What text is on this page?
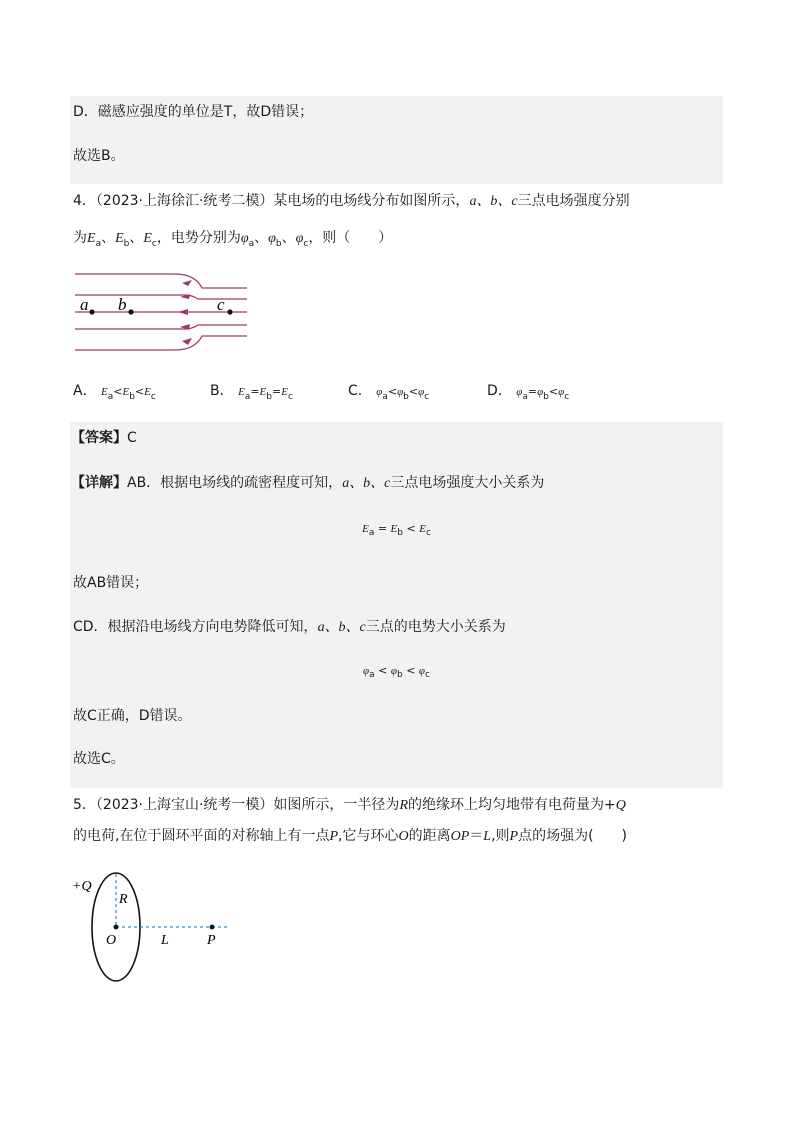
D．磁感应强度的单位是T，故D错误；
故选B。
4．（2023·上海徐汇·统考二模）某电场的电场线分布如图所示，a、b、c三点电场强度分别
为$E_a$、$E_b$、$E_c$，电势分别为$\varphi_a$、$\varphi_b$、$\varphi_c$，则（　　）
a b	c
A． $E_a<E_b<E_c$	B． $E_a=E_b=E_c$	C． $\varphi_a<\varphi_b<\varphi_c$	D． $\varphi_a=\varphi_b<\varphi_c$
【答案】C
【详解】AB．根据电场线的疏密程度可知，a、b、c三点电场强度大小关系为
$E_a = E_b < E_c$
故AB错误；
CD．根据沿电场线方向电势降低可知，a、b、c三点的电势大小关系为
$\varphi_a < \varphi_b < \varphi_c$
故C正确，D错误。
故选C。
5．（2023·上海宝山·统考一模）如图所示，一半径为R的绝缘环上均匀地带有电荷量为+Q
的电荷,在位于圆环平面的对称轴上有一点P,它与环心O的距离OP＝L,则P点的场强为(　　)
+Q
R
O	L	P
